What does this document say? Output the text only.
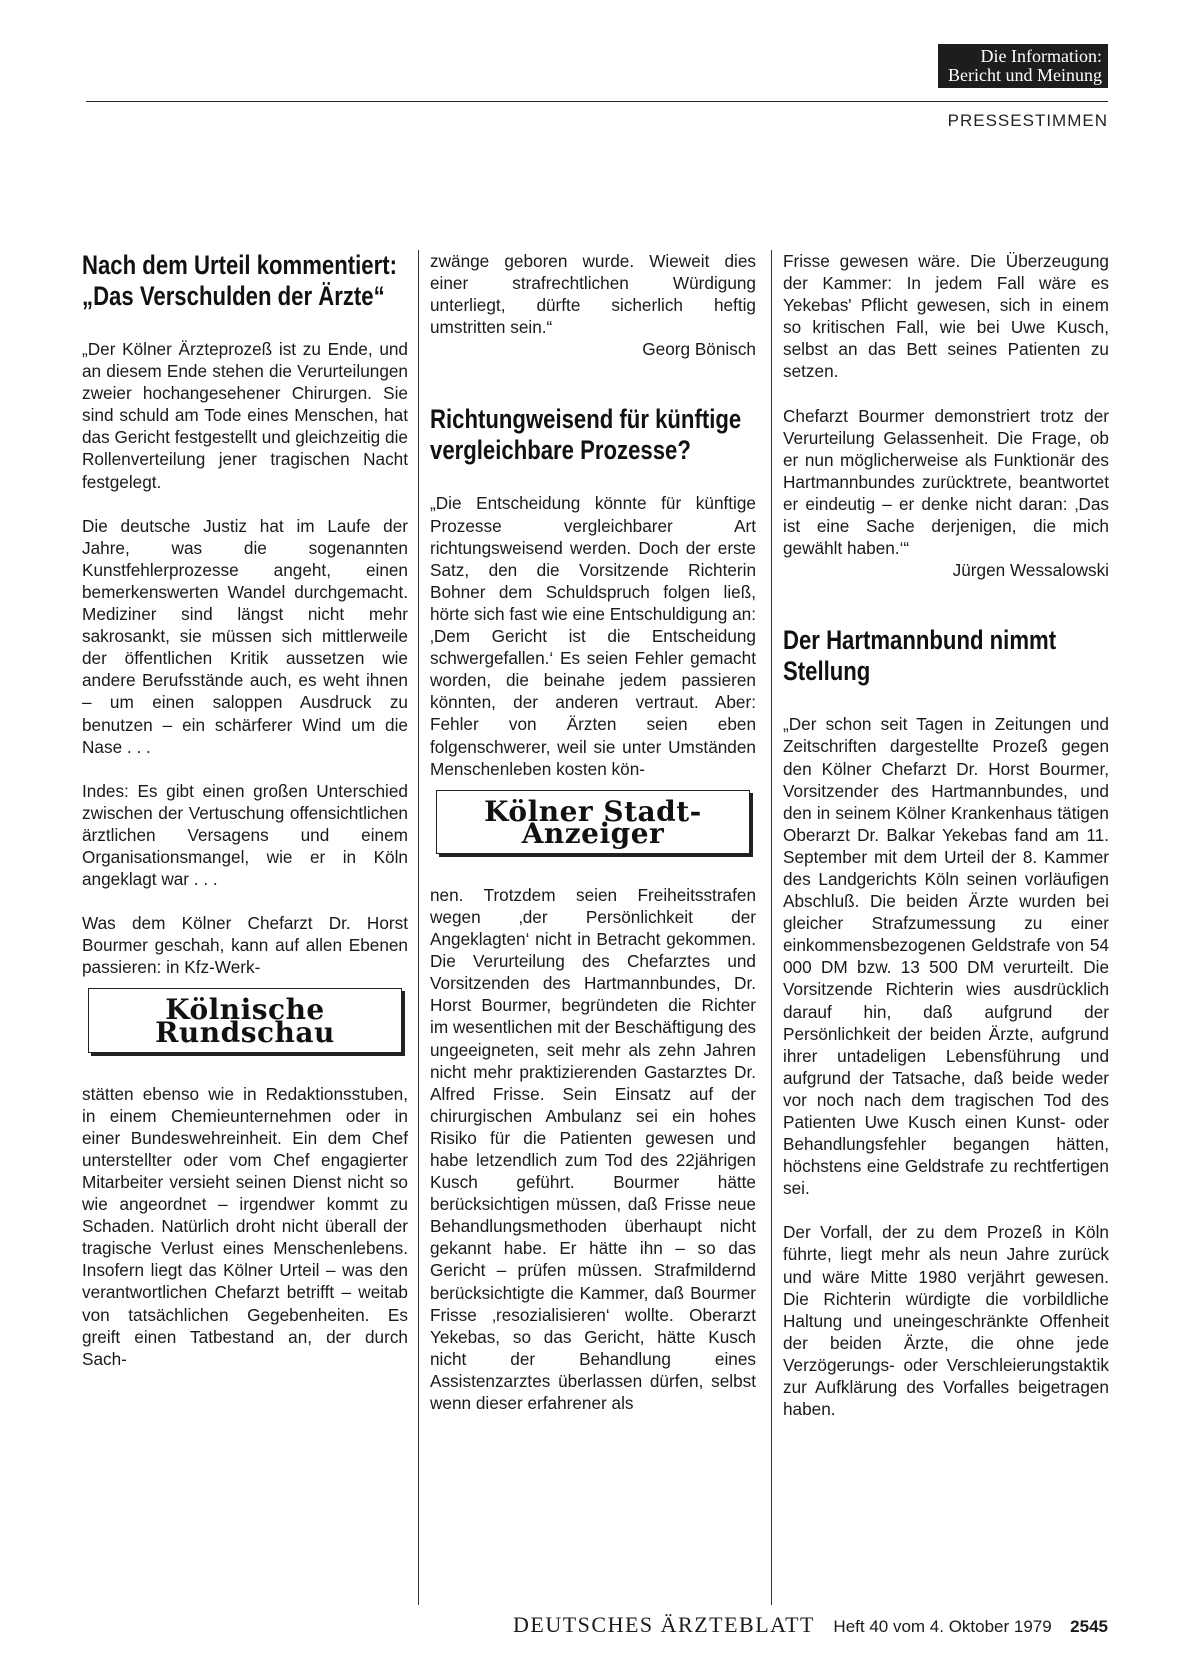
Die Information:
Bericht und Meinung
PRESSESTIMMEN
Nach dem Urteil kommentiert: „Das Verschulden der Ärzte“

„Der Kölner Ärzteprozeß ist zu Ende, und an diesem Ende stehen die Verurteilungen zweier hochangesehener Chirurgen. Sie sind schuld am Tode eines Menschen, hat das Gericht festgestellt und gleichzeitig die Rollenverteilung jener tragischen Nacht festgelegt.

Die deutsche Justiz hat im Laufe der Jahre, was die sogenannten Kunstfehlerprozesse angeht, einen bemerkenswerten Wandel durchgemacht. Mediziner sind längst nicht mehr sakrosankt, sie müssen sich mittlerweile der öffentlichen Kritik aussetzen wie andere Berufsstände auch, es weht ihnen – um einen saloppen Ausdruck zu benutzen – ein schärferer Wind um die Nase . . .

Indes: Es gibt einen großen Unterschied zwischen der Vertuschung offensichtlichen ärztlichen Versagens und einem Organisationsmangel, wie er in Köln angeklagt war . . .

Was dem Kölner Chefarzt Dr. Horst Bourmer geschah, kann auf allen Ebenen passieren: in Kfz-Werk-

Kölnische Rundschau

stätten ebenso wie in Redaktionsstuben, in einem Chemieunternehmen oder in einer Bundeswehreinheit. Ein dem Chef unterstellter oder vom Chef engagierter Mitarbeiter versieht seinen Dienst nicht so wie angeordnet – irgendwer kommt zu Schaden. Natürlich droht nicht überall der tragische Verlust eines Menschenlebens. Insofern liegt das Kölner Urteil – was den verantwortlichen Chefarzt betrifft – weitab von tatsächlichen Gegebenheiten. Es greift einen Tatbestand an, der durch Sach-

zwänge geboren wurde. Wieweit dies einer strafrechtlichen Würdigung unterliegt, dürfte sicherlich heftig umstritten sein.“

Georg Bönisch
Richtungweisend für künftige vergleichbare Prozesse?

„Die Entscheidung könnte für künftige Prozesse vergleichbarer Art richtungsweisend werden. Doch der erste Satz, den die Vorsitzende Richterin Bohner dem Schuldspruch folgen ließ, hörte sich fast wie eine Entschuldigung an: ‚Dem Gericht ist die Entscheidung schwergefallen.‘ Es seien Fehler gemacht worden, die beinahe jedem passieren könnten, der anderen vertraut. Aber: Fehler von Ärzten seien eben folgenschwerer, weil sie unter Umständen Menschenleben kosten kön-

Kölner Stadt-Anzeiger

nen. Trotzdem seien Freiheitsstrafen wegen ‚der Persönlichkeit der Angeklagten‘ nicht in Betracht gekommen. Die Verurteilung des Chefarztes und Vorsitzenden des Hartmannbundes, Dr. Horst Bourmer, begründeten die Richter im wesentlichen mit der Beschäftigung des ungeeigneten, seit mehr als zehn Jahren nicht mehr praktizierenden Gastarztes Dr. Alfred Frisse. Sein Einsatz auf der chirurgischen Ambulanz sei ein hohes Risiko für die Patienten gewesen und habe letzendlich zum Tod des 22jährigen Kusch geführt. Bourmer hätte berücksichtigen müssen, daß Frisse neue Behandlungsmethoden überhaupt nicht gekannt habe. Er hätte ihn – so das Gericht – prüfen müssen. Strafmildernd berücksichtigte die Kammer, daß Bourmer Frisse ‚resozialisieren‘ wollte. Oberarzt Yekebas, so das Gericht, hätte Kusch nicht der Behandlung eines Assistenzarztes überlassen dürfen, selbst wenn dieser erfahrener als

Frisse gewesen wäre. Die Überzeugung der Kammer: In jedem Fall wäre es Yekebas' Pflicht gewesen, sich in einem so kritischen Fall, wie bei Uwe Kusch, selbst an das Bett seines Patienten zu setzen.

Chefarzt Bourmer demonstriert trotz der Verurteilung Gelassenheit. Die Frage, ob er nun möglicherweise als Funktionär des Hartmannbundes zurücktrete, beantwortet er eindeutig – er denke nicht daran: ‚Das ist eine Sache derjenigen, die mich gewählt haben.‘“

Jürgen Wessalowski
Der Hartmannbund nimmt Stellung

„Der schon seit Tagen in Zeitungen und Zeitschriften dargestellte Prozeß gegen den Kölner Chefarzt Dr. Horst Bourmer, Vorsitzender des Hartmannbundes, und den in seinem Kölner Krankenhaus tätigen Oberarzt Dr. Balkar Yekebas fand am 11. September mit dem Urteil der 8. Kammer des Landgerichts Köln seinen vorläufigen Abschluß. Die beiden Ärzte wurden bei gleicher Strafzumessung zu einer einkommensbezogenen Geldstrafe von 54 000 DM bzw. 13 500 DM verurteilt. Die Vorsitzende Richterin wies ausdrücklich darauf hin, daß aufgrund der Persönlichkeit der beiden Ärzte, aufgrund ihrer untadeligen Lebensführung und aufgrund der Tatsache, daß beide weder vor noch nach dem tragischen Tod des Patienten Uwe Kusch einen Kunst- oder Behandlungsfehler begangen hätten, höchstens eine Geldstrafe zu rechtfertigen sei.

Der Vorfall, der zu dem Prozeß in Köln führte, liegt mehr als neun Jahre zurück und wäre Mitte 1980 verjährt gewesen. Die Richterin würdigte die vorbildliche Haltung und uneingeschränkte Offenheit der beiden Ärzte, die ohne jede Verzögerungs- oder Verschleierungstaktik zur Aufklärung des Vorfalles beigetragen haben.

DEUTSCHES ÄRZTEBLATT Heft 40 vom 4. Oktober 1979 2545
